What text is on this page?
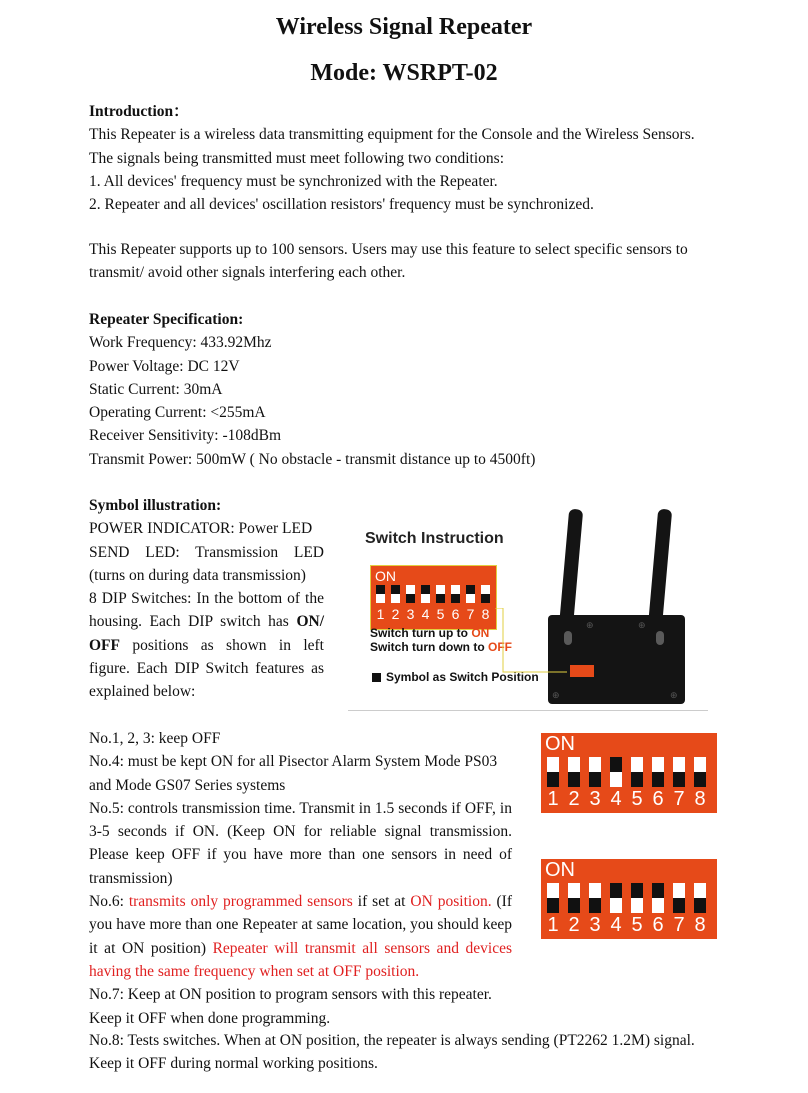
Wireless Signal Repeater
Mode: WSRPT-02

Introduction：

This Repeater is a wireless data transmitting equipment for the Console and the Wireless Sensors.

The signals being transmitted must meet following two conditions:

1. All devices' frequency must be synchronized with the Repeater.

2. Repeater and all devices' oscillation resistors' frequency must be synchronized.

This Repeater supports up to 100 sensors. Users may use this feature to select specific sensors to

transmit/ avoid other signals interfering each other.

Repeater Specification:

Work Frequency: 433.92Mhz

Power Voltage: DC 12V

Static Current: 30mA

Operating Current: <255mA

Receiver Sensitivity: -108dBm

Transmit Power: 500mW ( No obstacle - transmit distance up to 4500ft)

Symbol illustration:

POWER INDICATOR: Power LED

SEND LED: Transmission LED (turns on during data transmission)

8 DIP Switches: In the bottom of the housing. Each DIP switch has ON/ OFF positions as shown in left figure. Each DIP Switch features as explained below:

Switch Instruction
ON
1 2 3 4 5 6 7 8
Switch turn up to ON
Switch turn down to OFF
Symbol as Switch Position
⊕	⊕
⊕	⊕

No.1, 2, 3: keep OFF

No.4: must be kept ON for all Pisector Alarm System Mode PS03 and Mode GS07 Series systems

No.5: controls transmission time. Transmit in 1.5 seconds if OFF, in 3-5 seconds if ON. (Keep ON for reliable signal transmission. Please keep OFF if you have more than one sensors in need of transmission)

No.6: transmits only programmed sensors if set at ON position. (If you have more than one Repeater at same location, you should keep it at ON position) Repeater will transmit all sensors and devices having the same frequency when set at OFF position.

No.7: Keep at ON position to program sensors with this repeater.

Keep it OFF when done programming.

No.8: Tests switches. When at ON position, the repeater is always sending (PT2262 1.2M) signal.

Keep it OFF during normal working positions.

ON
1 2 3 4 5 6 7 8
ON
1 2 3 4 5 6 7 8
